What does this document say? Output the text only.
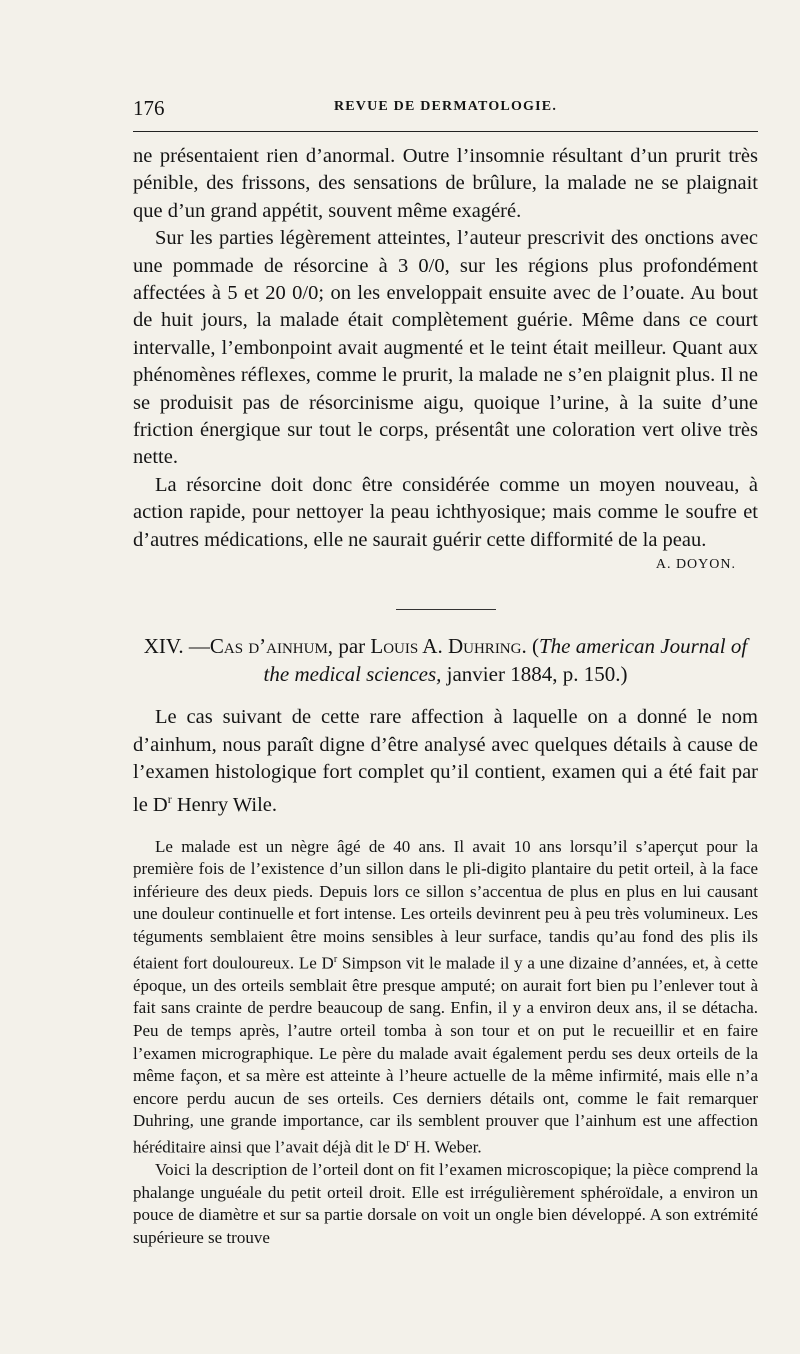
176	REVUE DE DERMATOLOGIE.

ne présentaient rien d’anormal. Outre l’insomnie résultant d’un prurit très pénible, des frissons, des sensations de brûlure, la malade ne se plaignait que d’un grand appétit, souvent même exagéré.

Sur les parties légèrement atteintes, l’auteur prescrivit des onctions avec une pommade de résorcine à 3 0/0, sur les régions plus profondément affectées à 5 et 20 0/0; on les enveloppait ensuite avec de l’ouate. Au bout de huit jours, la malade était complètement guérie. Même dans ce court intervalle, l’embonpoint avait augmenté et le teint était meilleur. Quant aux phénomènes réflexes, comme le prurit, la malade ne s’en plaignit plus. Il ne se produisit pas de résorcinisme aigu, quoique l’urine, à la suite d’une friction énergique sur tout le corps, présentât une coloration vert olive très nette.

La résorcine doit donc être considérée comme un moyen nouveau, à action rapide, pour nettoyer la peau ichthyosique; mais comme le soufre et d’autres médications, elle ne saurait guérir cette difformité de la peau.

A. DOYON.

XIV. —Cas d’ainhum, par Louis A. Duhring. (The american Journal of the medical sciences, janvier 1884, p. 150.)

Le cas suivant de cette rare affection à laquelle on a donné le nom d’ainhum, nous paraît digne d’être analysé avec quelques détails à cause de l’examen histologique fort complet qu’il contient, examen qui a été fait par le $D^r$ Henry Wile.

Le malade est un nègre âgé de 40 ans. Il avait 10 ans lorsqu’il s’aperçut pour la première fois de l’existence d’un sillon dans le pli-digito plantaire du petit orteil, à la face inférieure des deux pieds. Depuis lors ce sillon s’accentua de plus en plus en lui causant une douleur continuelle et fort intense. Les orteils devinrent peu à peu très volumineux. Les téguments semblaient être moins sensibles à leur surface, tandis qu’au fond des plis ils étaient fort douloureux. Le $D^r$ Simpson vit le malade il y a une dizaine d’années, et, à cette époque, un des orteils semblait être presque amputé; on aurait fort bien pu l’enlever tout à fait sans crainte de perdre beaucoup de sang. Enfin, il y a environ deux ans, il se détacha. Peu de temps après, l’autre orteil tomba à son tour et on put le recueillir et en faire l’examen micrographique. Le père du malade avait également perdu ses deux orteils de la même façon, et sa mère est atteinte à l’heure actuelle de la même infirmité, mais elle n’a encore perdu aucun de ses orteils. Ces derniers détails ont, comme le fait remarquer Duhring, une grande importance, car ils semblent prouver que l’ainhum est une affection héréditaire ainsi que l’avait déjà dit le $D^r$ H. Weber.

Voici la description de l’orteil dont on fit l’examen microscopique; la pièce comprend la phalange unguéale du petit orteil droit. Elle est irrégulièrement sphéroïdale, a environ un pouce de diamètre et sur sa partie dorsale on voit un ongle bien développé. A son extrémité supérieure se trouve
